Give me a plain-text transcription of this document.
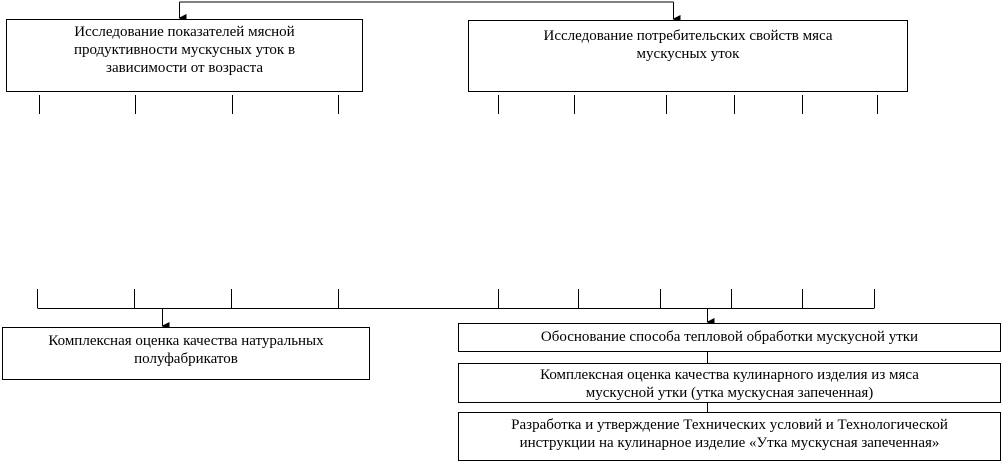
Исследование показателей мясной
продуктивности мускусных уток в
зависимости от возраста
Исследование потребительских свойств мяса
мускусных уток
Комплексная оценка качества натуральных
полуфабрикатов
Обоснование способа тепловой обработки мускусной утки
Комплексная оценка качества кулинарного изделия из мяса
мускусной утки (утка мускусная запеченная)
Разработка и утверждение Технических условий и Технологической
инструкции на кулинарное изделие «Утка мускусная запеченная»
